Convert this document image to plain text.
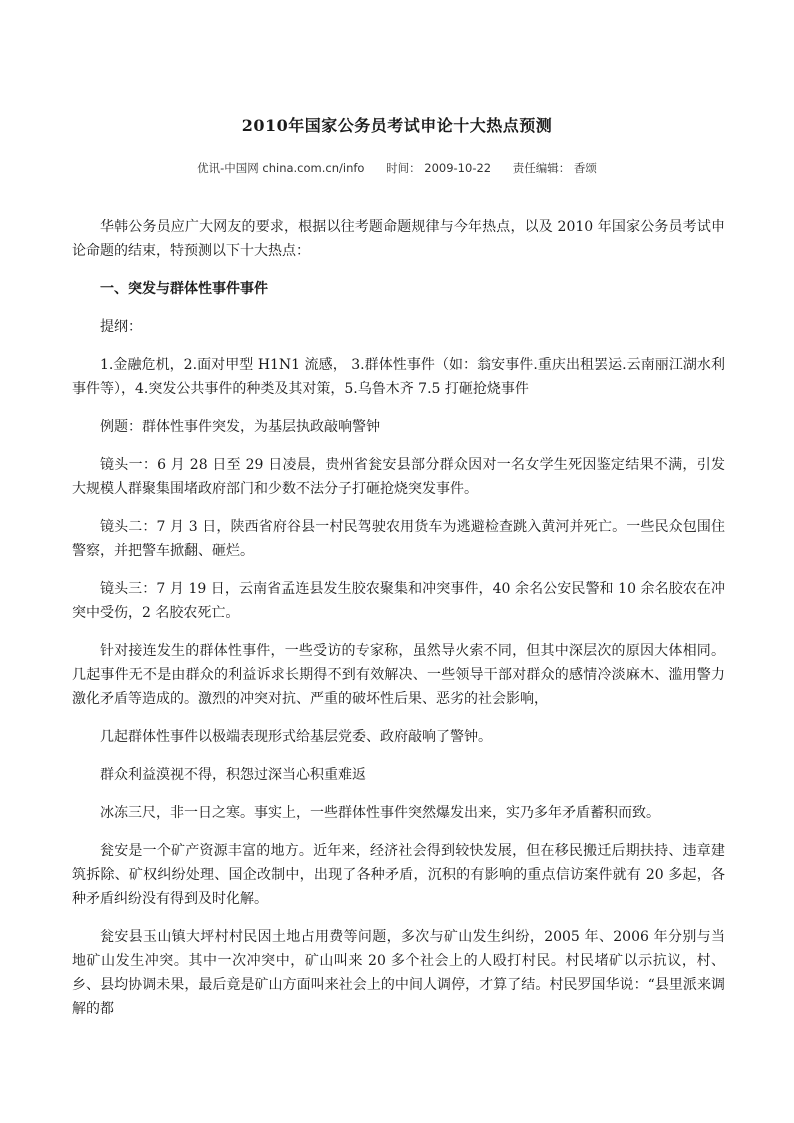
2010年国家公务员考试申论十大热点预测
优讯-中国网 china.com.cn/info 时间： 2009-10-22 责任编辑： 香颂

华韩公务员应广大网友的要求，根据以往考题命题规律与今年热点，以及 2010 年国家公务员考试申论命题的结束，特预测以下十大热点：

一、突发与群体性事件事件

提纲：

1.金融危机，2.面对甲型 H1N1 流感， 3.群体性事件（如：翁安事件.重庆出租罢运.云南丽江湖水利事件等），4.突发公共事件的种类及其对策，5.乌鲁木齐 7.5 打砸抢烧事件

例题：群体性事件突发，为基层执政敲响警钟

镜头一：6 月 28 日至 29 日凌晨，贵州省瓮安县部分群众因对一名女学生死因鉴定结果不满，引发大规模人群聚集围堵政府部门和少数不法分子打砸抢烧突发事件。

镜头二：7 月 3 日，陕西省府谷县一村民驾驶农用货车为逃避检查跳入黄河并死亡。一些民众包围住警察，并把警车掀翻、砸烂。

镜头三：7 月 19 日，云南省孟连县发生胶农聚集和冲突事件，40 余名公安民警和 10 余名胶农在冲突中受伤，2 名胶农死亡。

针对接连发生的群体性事件，一些受访的专家称，虽然导火索不同，但其中深层次的原因大体相同。几起事件无不是由群众的利益诉求长期得不到有效解决、一些领导干部对群众的感情冷淡麻木、滥用警力激化矛盾等造成的。激烈的冲突对抗、严重的破坏性后果、恶劣的社会影响，

几起群体性事件以极端表现形式给基层党委、政府敲响了警钟。

群众利益漠视不得，积怨过深当心积重难返

冰冻三尺，非一日之寒。事实上，一些群体性事件突然爆发出来，实乃多年矛盾蓄积而致。

瓮安是一个矿产资源丰富的地方。近年来，经济社会得到较快发展，但在移民搬迁后期扶持、违章建筑拆除、矿权纠纷处理、国企改制中，出现了各种矛盾，沉积的有影响的重点信访案件就有 20 多起，各种矛盾纠纷没有得到及时化解。

瓮安县玉山镇大坪村村民因土地占用费等问题，多次与矿山发生纠纷，2005 年、2006 年分别与当地矿山发生冲突。其中一次冲突中，矿山叫来 20 多个社会上的人殴打村民。村民堵矿以示抗议，村、乡、县均协调未果，最后竟是矿山方面叫来社会上的中间人调停，才算了结。村民罗国华说：“县里派来调解的都
